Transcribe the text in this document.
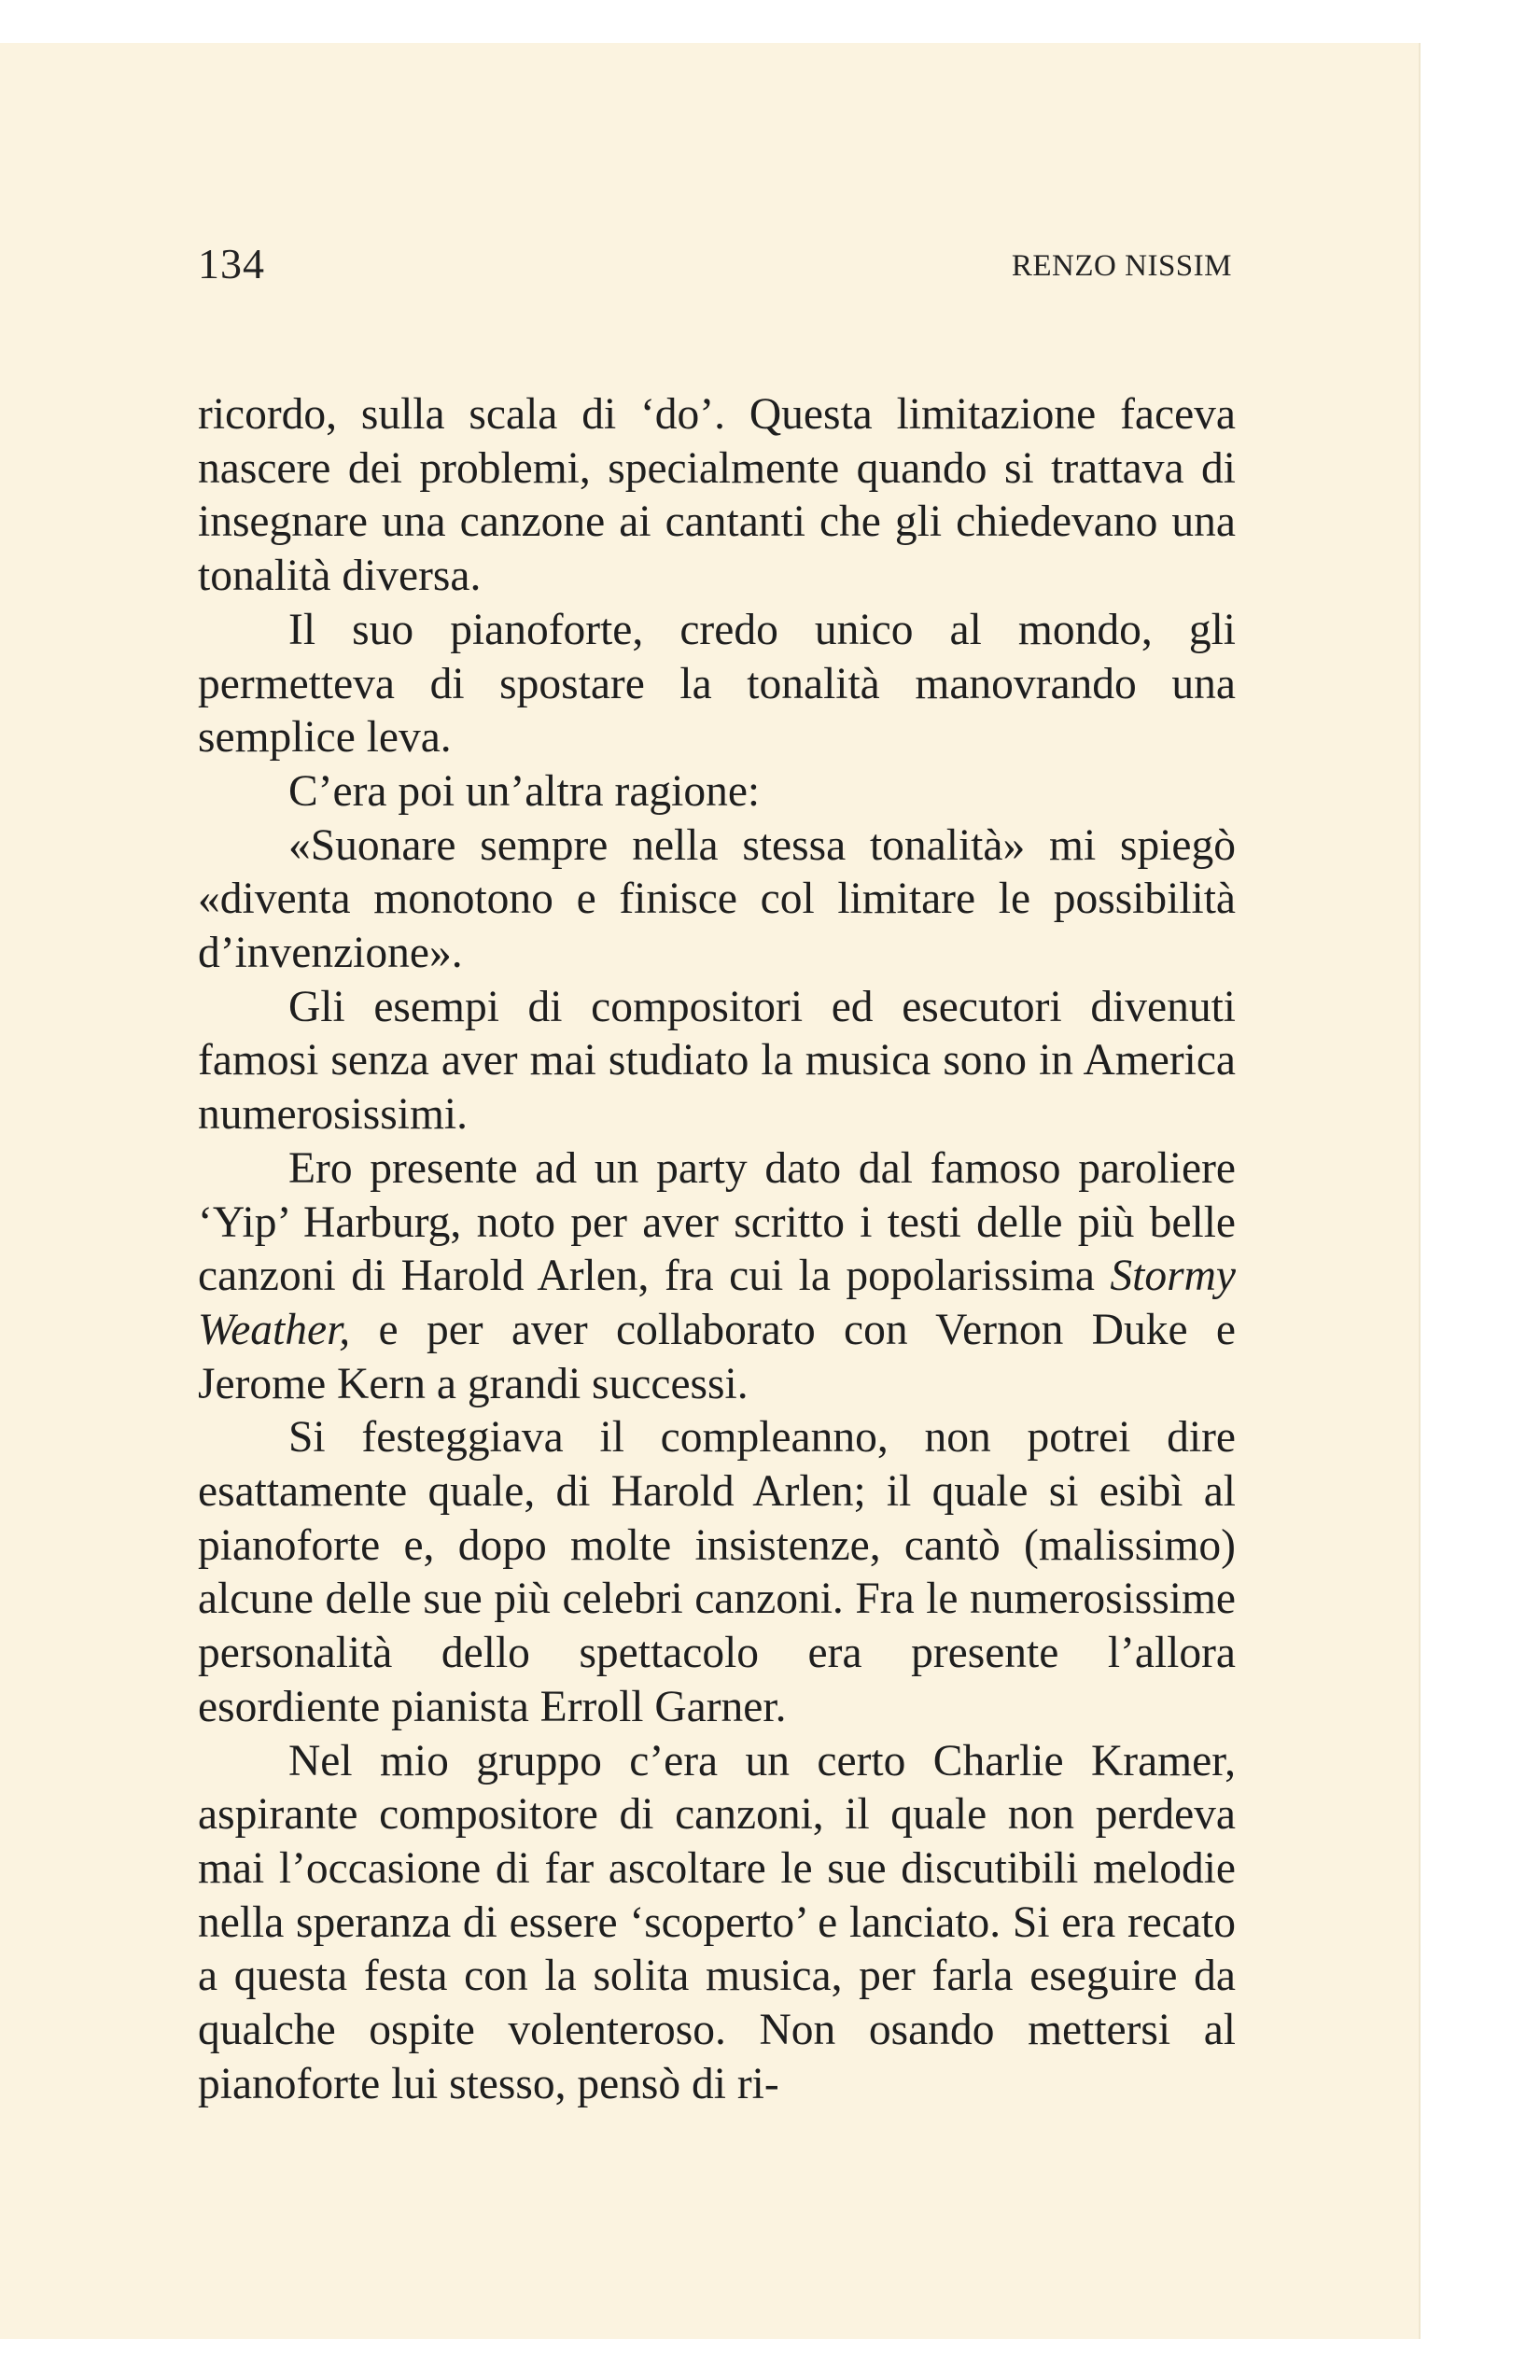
134	RENZO NISSIM

ricordo, sulla scala di ‘do’. Questa limitazione faceva nascere dei problemi, specialmente quando si trattava di insegnare una canzone ai cantanti che gli chiedevano una tonalità diversa.

Il suo pianoforte, credo unico al mondo, gli permetteva di spostare la tonalità manovrando una semplice leva.

C’era poi un’altra ragione:

«Suonare sempre nella stessa tonalità» mi spiegò «diventa monotono e finisce col limitare le possibilità d’invenzione».

Gli esempi di compositori ed esecutori divenuti famosi senza aver mai studiato la musica sono in America numerosissimi.

Ero presente ad un party dato dal famoso paroliere ‘Yip’ Harburg, noto per aver scritto i testi delle più belle canzoni di Harold Arlen, fra cui la popolarissima Stormy Weather, e per aver collaborato con Vernon Duke e Jerome Kern a grandi successi.

Si festeggiava il compleanno, non potrei dire esattamente quale, di Harold Arlen; il quale si esibì al pianoforte e, dopo molte insistenze, cantò (malissimo) alcune delle sue più celebri canzoni. Fra le numerosissime personalità dello spettacolo era presente l’allora esordiente pianista Erroll Garner.

Nel mio gruppo c’era un certo Charlie Kramer, aspirante compositore di canzoni, il quale non perdeva mai l’occasione di far ascoltare le sue discutibili melodie nella speranza di essere ‘scoperto’ e lanciato. Si era recato a questa festa con la solita musica, per farla eseguire da qualche ospite volenteroso. Non osando mettersi al pianoforte lui stesso, pensò di ri-
